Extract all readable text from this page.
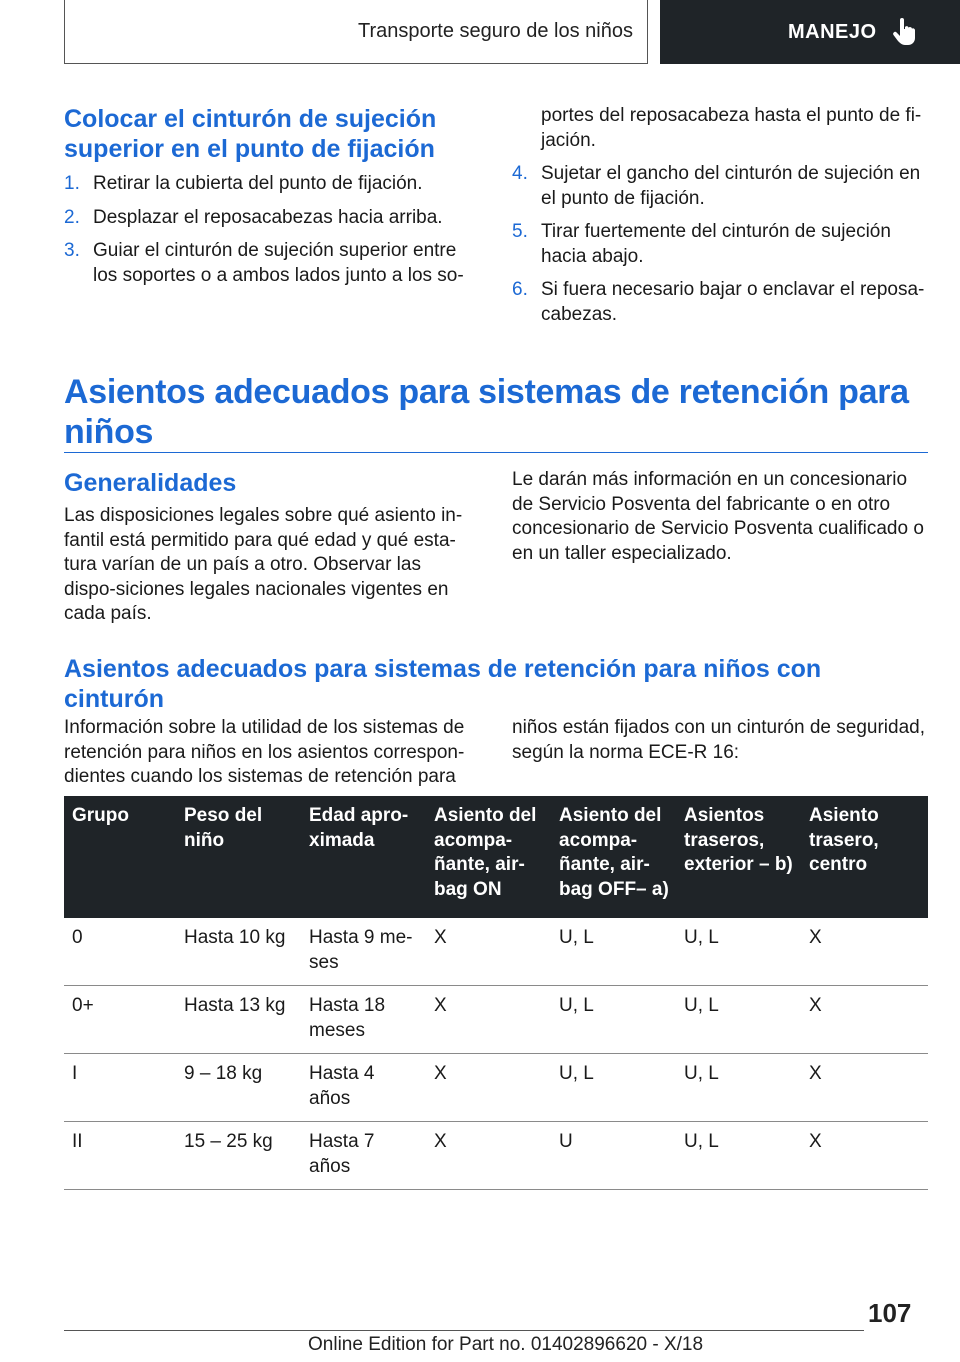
Transporte seguro de los niños	MANEJO
Colocar el cinturón de sujeción superior en el punto de fijación
1. Retirar la cubierta del punto de fijación.
2. Desplazar el reposacabezas hacia arriba.
3. Guiar el cinturón de sujeción superior entre los soportes o a ambos lados junto a los so-

portes del reposacabeza hasta el punto de fi-jación.

4. Sujetar el gancho del cinturón de sujeción en el punto de fijación.
5. Tirar fuertemente del cinturón de sujeción hacia abajo.
6. Si fuera necesario bajar o enclavar el reposa-cabezas.
Asientos adecuados para sistemas de retención para niños
Generalidades

Las disposiciones legales sobre qué asiento in-fantil está permitido para qué edad y qué esta-tura varían de un país a otro. Observar las dispo-siciones legales nacionales vigentes en cada país.

Le darán más información en un concesionario de Servicio Posventa del fabricante o en otro concesionario de Servicio Posventa cualificado o en un taller especializado.

Asientos adecuados para sistemas de retención para niños con cinturón

Información sobre la utilidad de los sistemas de retención para niños en los asientos correspon-dientes cuando los sistemas de retención para

niños están fijados con un cinturón de seguridad, según la norma ECE-R 16:

Grupo	Peso del niño	Edad apro-ximada	Asiento del acompa-ñante, air-bag ON	Asiento del acompa-ñante, air-bag OFF– a)	Asientos traseros, exterior – b)	Asiento trasero, centro
0	Hasta 10 kg	Hasta 9 me-ses	X	U, L	U, L	X
0+	Hasta 13 kg	Hasta 18 meses	X	U, L	U, L	X
I	9 – 18 kg	Hasta 4 años	X	U, L	U, L	X
II	15 – 25 kg	Hasta 7 años	X	U	U, L	X
107
Online Edition for Part no. 01402896620 - X/18
